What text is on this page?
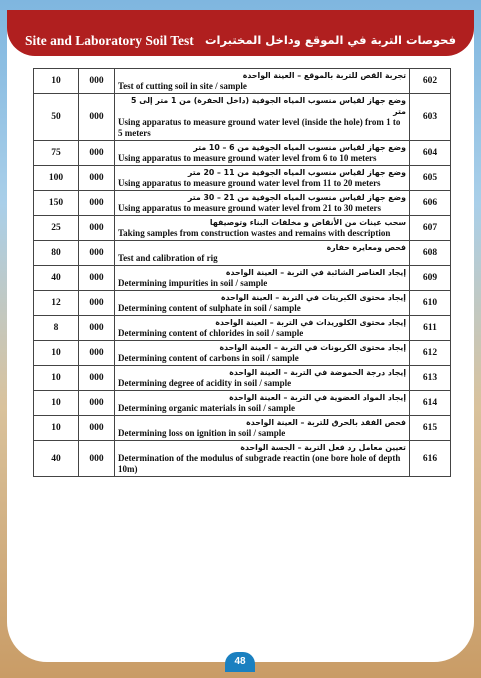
Site and Laboratory Soil Test فحوصات التربة في الموقع وداخل المختبرات
10	000	تجربة القص للتربة بالموقع – العينة الواحدة
Test of cutting soil in site / sample	602
50	000	وضع جهاز لقياس منسوب المياه الجوفية (داخل الحفرة) من 1 متر إلى 5 متر
Using apparatus to measure ground water level (inside the hole) from 1 to 5 meters	603
75	000	وضع جهاز لقياس منسوب المياه الجوفية من 6 – 10 متر
Using apparatus to measure ground water level from 6 to 10 meters	604
100	000	وضع جهاز لقياس منسوب المياه الجوفية من 11 – 20 متر
Using apparatus to measure ground water level from 11 to 20 meters	605
150	000	وضع جهاز لقياس منسوب المياه الجوفية من 21 – 30 متر
Using apparatus to measure ground water level from 21 to 30 meters	606
25	000	سحب عينات من الأنقاض و مخلفات البناء وتوصيفها
Taking samples from construction wastes and remains with description	607
80	000	فحص ومعايرة حفارة
Test and calibration of rig	608
40	000	إيجاد العناصر الشائبة في التربة – العينة الواحدة
Determining impurities in soil / sample	609
12	000	إيجاد محتوى الكبريتات في التربة – العينة الواحدة
Determining content of sulphate in soil / sample	610
8	000	إيجاد محتوى الكلوريدات في التربة – العينة الواحدة
Determining content of chlorides in soil / sample	611
10	000	إيجاد محتوى الكربونات في التربة – العينة الواحدة
Determining content of carbons in soil / sample	612
10	000	إيجاد درجة الحموضة في التربة – العينة الواحدة
Determining degree of acidity in soil / sample	613
10	000	إيجاد المواد العضوية في التربة – العينة الواحدة
Determining organic materials in soil / sample	614
10	000	فحص الفقد بالحرق للتربة – العينة الواحدة
Determining loss on ignition in soil / sample	615
40	000	تعيين معامل رد فعل التربة – الجسة الواحدة
Determination of the modulus of subgrade reactin (one bore hole of depth 10m)	616
48
